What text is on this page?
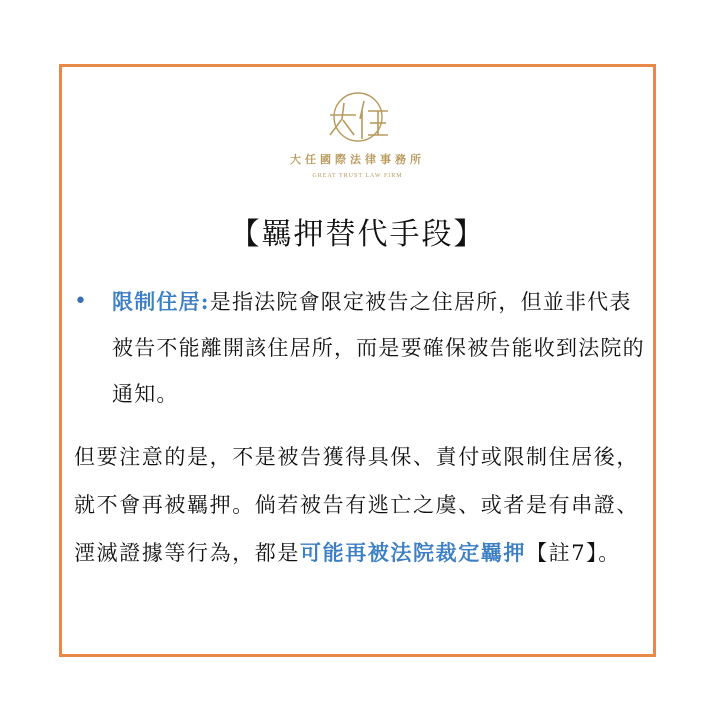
大任國際法律事務所
GREAT TRUST LAW FIRM
【羈押替代手段】
• 限制住居:是指法院會限定被告之住居所，但並非代表被告不能離開該住居所，而是要確保被告能收到法院的通知。
但要注意的是，不是被告獲得具保、責付或限制住居後，就不會再被羈押。倘若被告有逃亡之虞、或者是有串證、湮滅證據等行為，都是可能再被法院裁定羈押【註7】。
